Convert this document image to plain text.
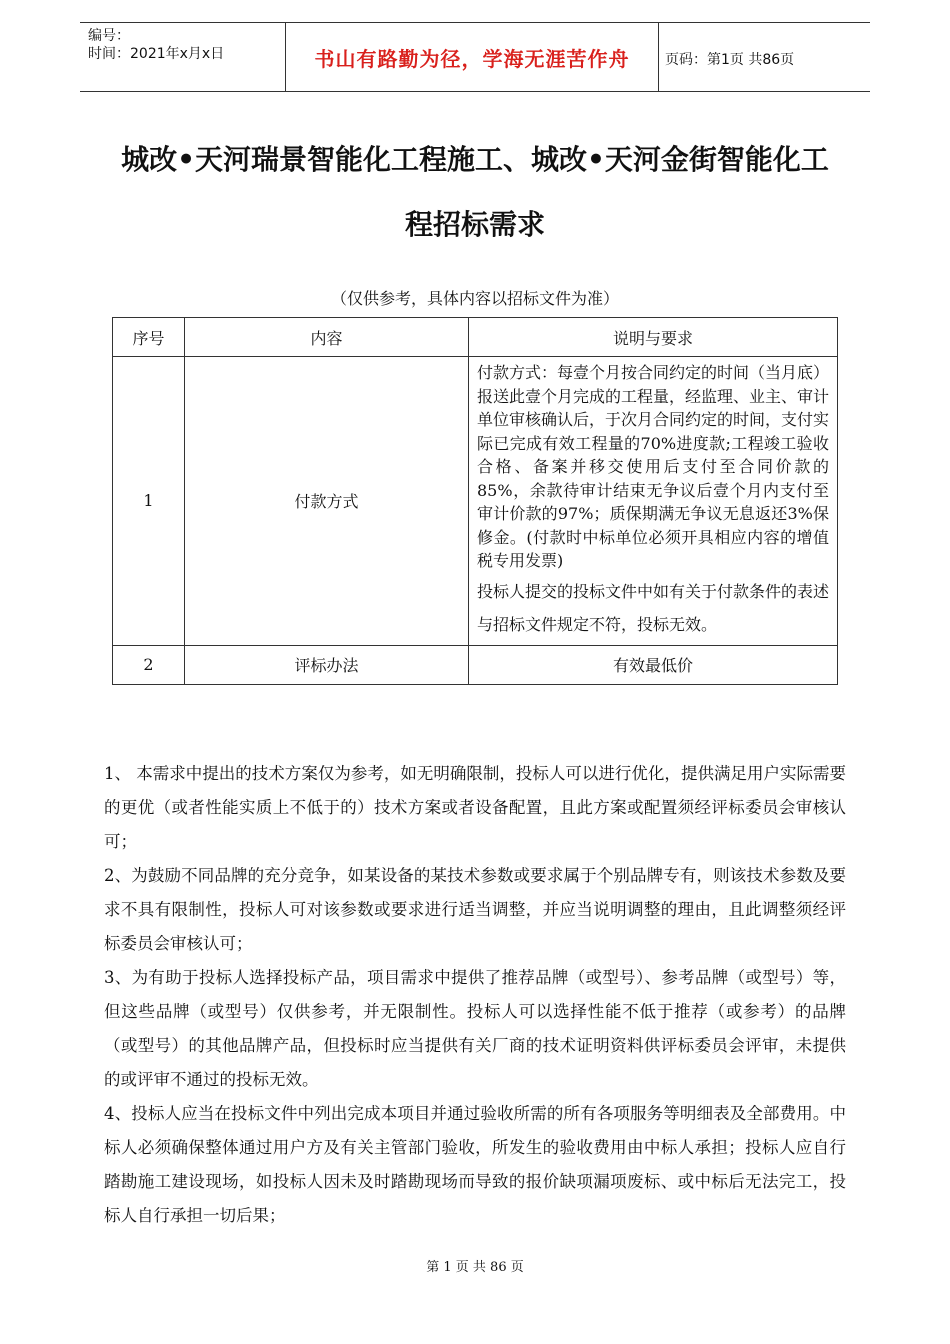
编号：
时间：2021年x月x日	书山有路勤为径，学海无涯苦作舟	页码：第1页 共86页
城改•天河瑞景智能化工程施工、城改•天河金街智能化工
程招标需求
（仅供参考，具体内容以招标文件为准）
序号	内容	说明与要求
1	付款方式	付款方式：每壹个月按合同约定的时间（当月底）报送此壹个月完成的工程量，经监理、业主、审计单位审核确认后，于次月合同约定的时间，支付实际已完成有效工程量的70%进度款;工程竣工验收合格、备案并移交使用后支付至合同价款的85%，余款待审计结束无争议后壹个月内支付至审计价款的97%；质保期满无争议无息返还3%保修金。(付款时中标单位必须开具相应内容的增值税专用发票)
投标人提交的投标文件中如有关于付款条件的表述与招标文件规定不符，投标无效。

2	评标办法	有效最低价

1、 本需求中提出的技术方案仅为参考，如无明确限制，投标人可以进行优化，提供满足用户实际需要的更优（或者性能实质上不低于的）技术方案或者设备配置，且此方案或配置须经评标委员会审核认可；

2、为鼓励不同品牌的充分竞争，如某设备的某技术参数或要求属于个别品牌专有，则该技术参数及要求不具有限制性，投标人可对该参数或要求进行适当调整，并应当说明调整的理由，且此调整须经评标委员会审核认可；

3、为有助于投标人选择投标产品，项目需求中提供了推荐品牌（或型号）、参考品牌（或型号）等，但这些品牌（或型号）仅供参考，并无限制性。投标人可以选择性能不低于推荐（或参考）的品牌（或型号）的其他品牌产品，但投标时应当提供有关厂商的技术证明资料供评标委员会评审，未提供的或评审不通过的投标无效。

4、投标人应当在投标文件中列出完成本项目并通过验收所需的所有各项服务等明细表及全部费用。中标人必须确保整体通过用户方及有关主管部门验收，所发生的验收费用由中标人承担；投标人应自行踏勘施工建设现场，如投标人因未及时踏勘现场而导致的报价缺项漏项废标、或中标后无法完工，投标人自行承担一切后果；

第 1 页 共 86 页
